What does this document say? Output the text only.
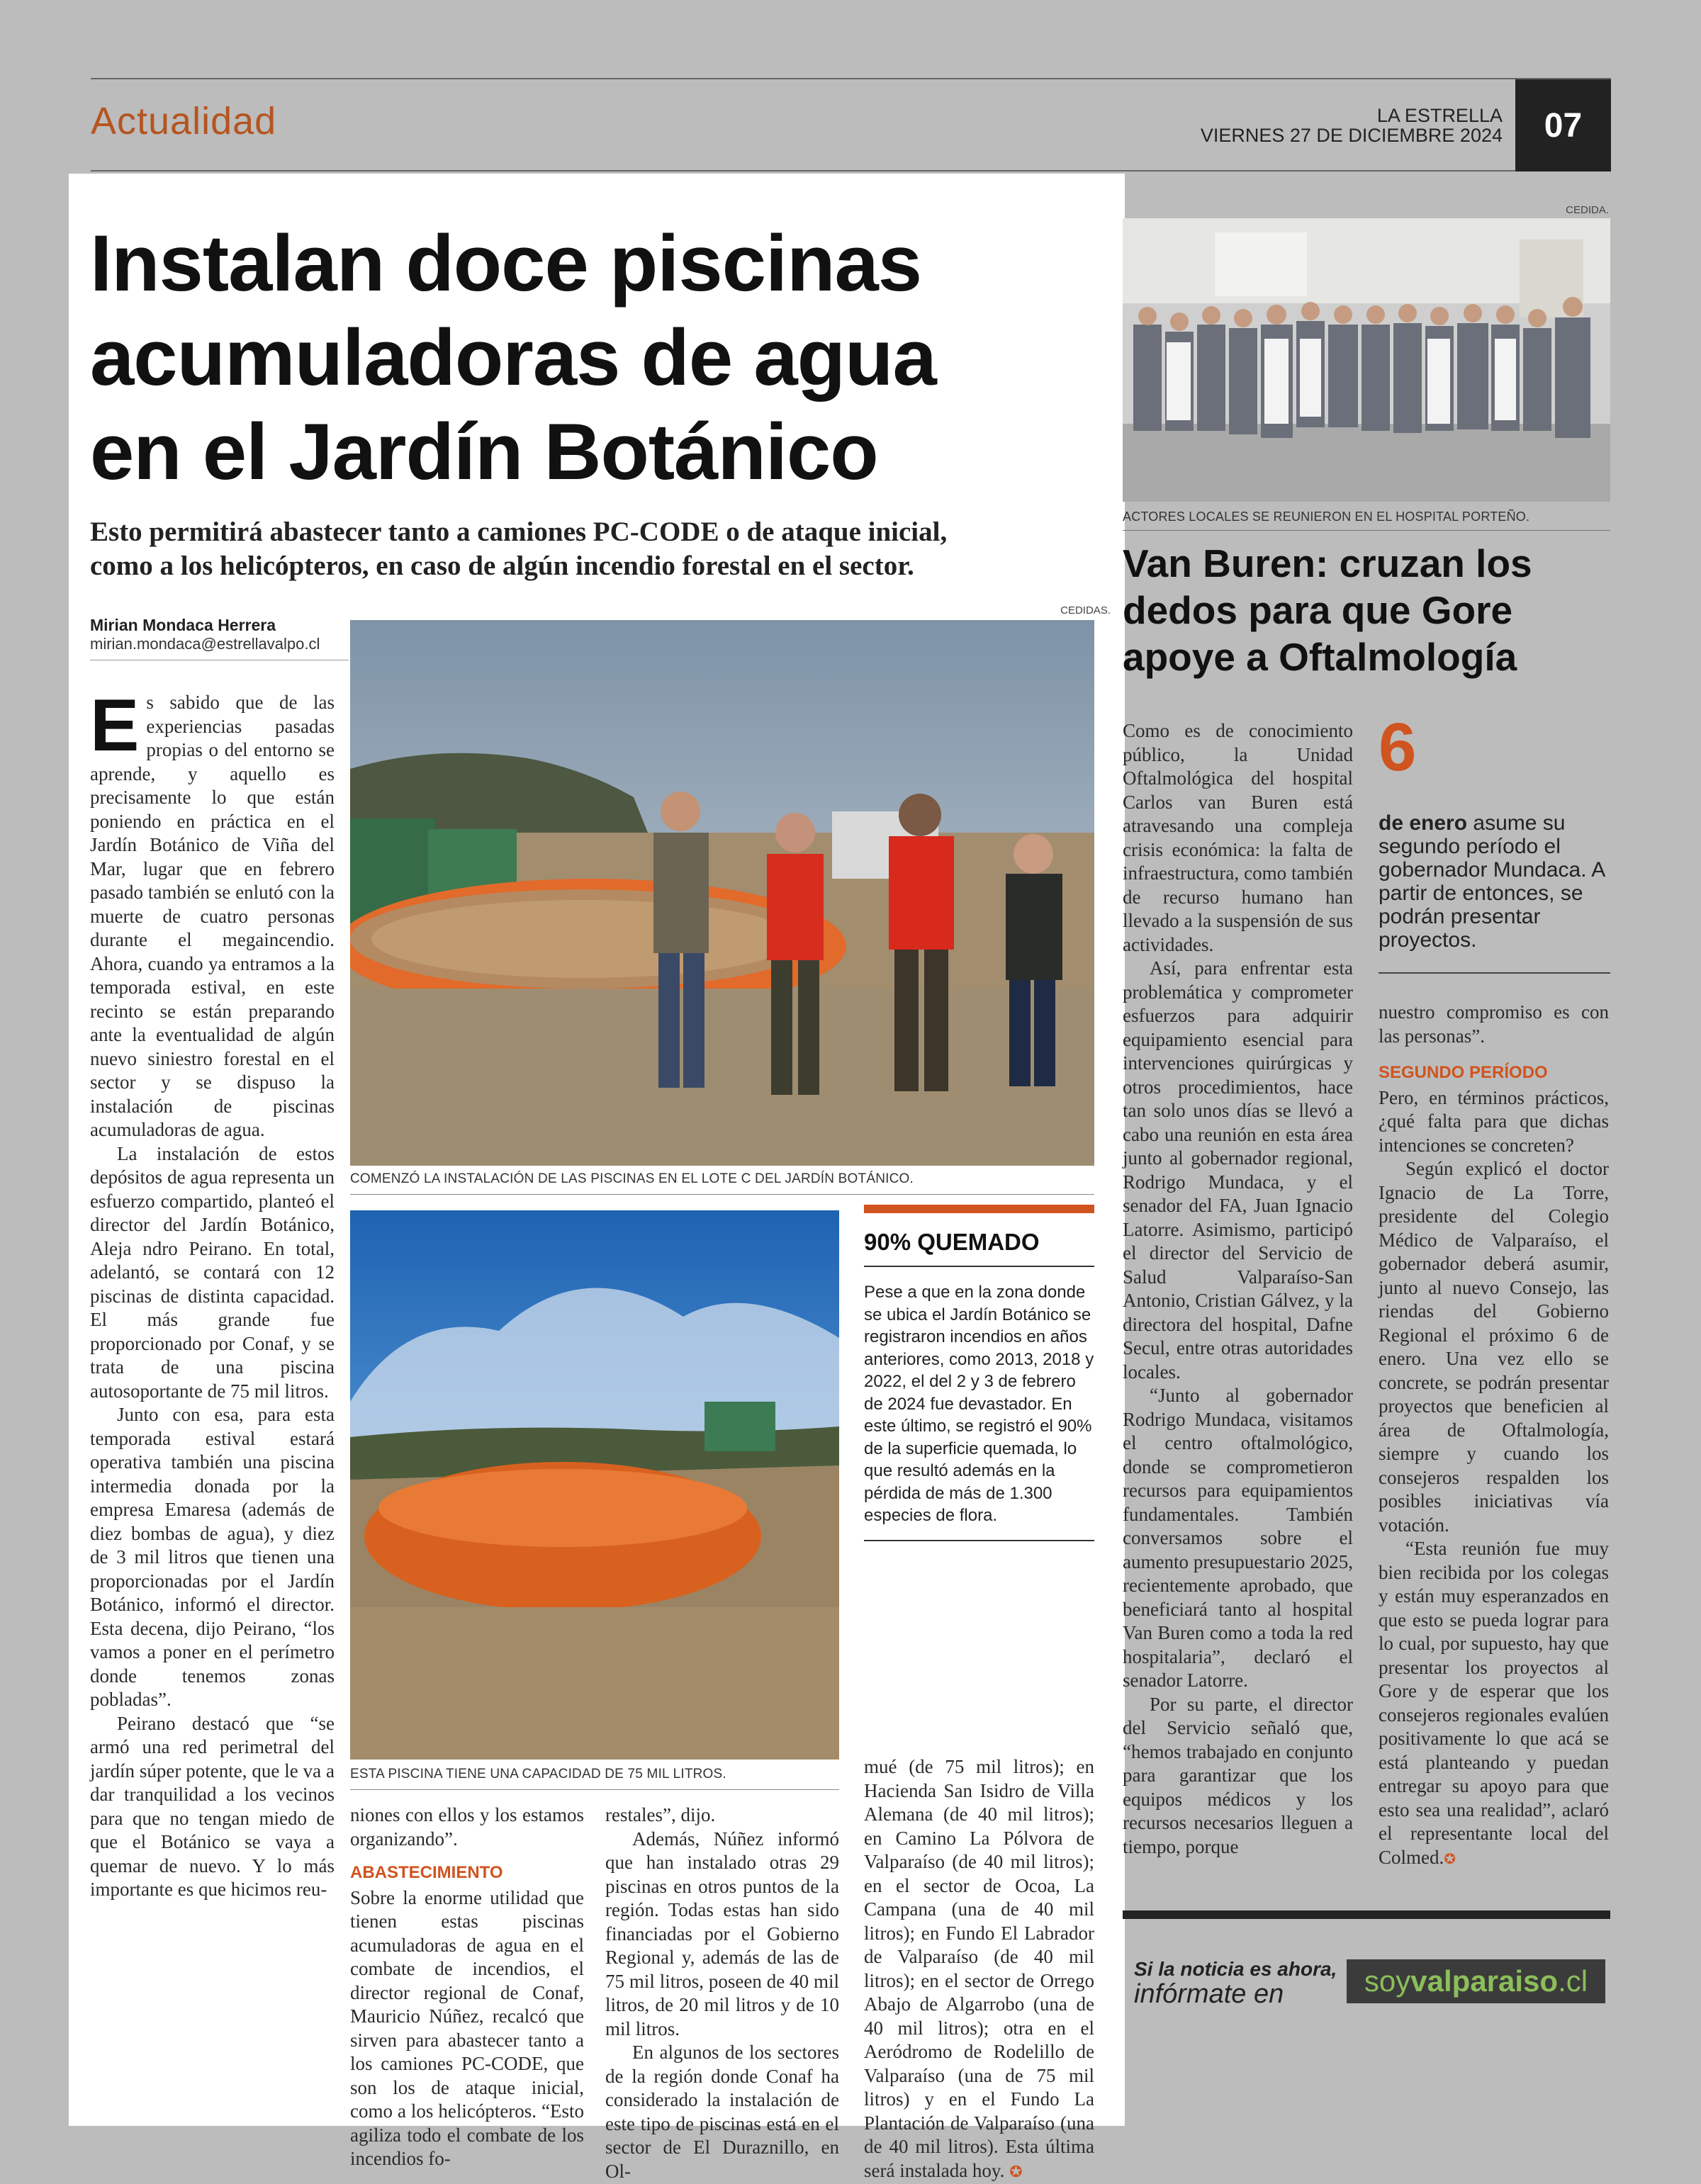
Actualidad	LA ESTRELLA
VIERNES 27 DE DICIEMBRE 2024	07
Instalan doce piscinas
acumuladoras de agua
en el Jardín Botánico
Esto permitirá abastecer tanto a camiones PC-CODE o de ataque inicial,
como a los helicópteros, en caso de algún incendio forestal en el sector.
Mirian Mondaca Herrera
mirian.mondaca@estrellavalpo.cl
CEDIDAS.
COMENZÓ LA INSTALACIÓN DE LAS PISCINAS EN EL LOTE C DEL JARDÍN BOTÁNICO.
ESTA PISCINA TIENE UNA CAPACIDAD DE 75 MIL LITROS.
90% QUEMADO
Pese a que en la zona donde se ubica el Jardín Botánico se registraron incendios en años anteriores, como 2013, 2018 y 2022, el del 2 y 3 de febrero de 2024 fue devastador. En este último, se registró el 90% de la superficie quemada, lo que resultó además en la pérdida de más de 1.300 especies de flora.

Es sabido que de las experiencias pasadas propias o del entorno se aprende, y aquello es precisamente lo que están poniendo en práctica en el Jardín Botánico de Viña del Mar, lugar que en febrero pasado también se enlutó con la muerte de cuatro personas durante el megaincendio. Ahora, cuando ya entramos a la temporada estival, en este recinto se están preparando ante la eventualidad de algún nuevo siniestro forestal en el sector y se dispuso la instalación de piscinas acumuladoras de agua.

La instalación de estos depósitos de agua representa un esfuerzo compartido, planteó el director del Jardín Botánico, Aleja ndro Peirano. En total, adelantó, se contará con 12 piscinas de distinta capacidad. El más grande fue proporcionado por Conaf, y se trata de una piscina autosoportante de 75 mil litros.

Junto con esa, para esta temporada estival estará operativa también una piscina intermedia donada por la empresa Emaresa (además de diez bombas de agua), y diez de 3 mil litros que tienen una proporcionadas por el Jardín Botánico, informó el director. Esta decena, dijo Peirano, “los vamos a poner en el perímetro donde tenemos zonas pobladas”.

Peirano destacó que “se armó una red perimetral del jardín súper potente, que le va a dar tranquilidad a los vecinos para que no tengan miedo de que el Botánico se vaya a quemar de nuevo. Y lo más importante es que hicimos reu-

niones con ellos y los estamos organizando”.

ABASTECIMIENTO

Sobre la enorme utilidad que tienen estas piscinas acumuladoras de agua en el combate de incendios, el director regional de Conaf, Mauricio Núñez, recalcó que sirven para abastecer tanto a los camiones PC-CODE, que son los de ataque inicial, como a los helicópteros. “Esto agiliza todo el combate de los incendios fo-

restales”, dijo.

Además, Núñez informó que han instalado otras 29 piscinas en otros puntos de la región. Todas estas han sido financiadas por el Gobierno Regional y, además de las de 75 mil litros, poseen de 40 mil litros, de 20 mil litros y de 10 mil litros.

En algunos de los sectores de la región donde Conaf ha considerado la instalación de este tipo de piscinas está en el sector de El Duraznillo, en Ol-

mué (de 75 mil litros); en Hacienda San Isidro de Villa Alemana (de 40 mil litros); en Camino La Pólvora de Valparaíso (de 40 mil litros); en el sector de Ocoa, La Campana (una de 40 mil litros); en Fundo El Labrador de Valparaíso (de 40 mil litros); en el sector de Orrego Abajo de Algarrobo (una de 40 mil litros); otra en el Aeródromo de Rodelillo de Valparaíso (una de 75 mil litros) y en el Fundo La Plantación de Valparaíso (una de 40 mil litros). Esta última será instalada hoy. ✪

CEDIDA.
ACTORES LOCALES SE REUNIERON EN EL HOSPITAL PORTEÑO.
Van Buren: cruzan los
dedos para que Gore
apoye a Oftalmología

Como es de conocimiento público, la Unidad Oftalmológica del hospital Carlos van Buren está atravesando una compleja crisis económica: la falta de infraestructura, como también de recurso humano han llevado a la suspensión de sus actividades.

Así, para enfrentar esta problemática y comprometer esfuerzos para adquirir equipamiento esencial para intervenciones quirúrgicas y otros procedimientos, hace tan solo unos días se llevó a cabo una reunión en esta área junto al gobernador regional, Rodrigo Mundaca, y el senador del FA, Juan Ignacio Latorre. Asimismo, participó el director del Servicio de Salud Valparaíso-San Antonio, Cristian Gálvez, y la directora del hospital, Dafne Secul, entre otras autoridades locales.

“Junto al gobernador Rodrigo Mundaca, visitamos el centro oftalmológico, donde se comprometieron recursos para equipamientos fundamentales. También conversamos sobre el aumento presupuestario 2025, recientemente aprobado, que beneficiará tanto al hospital Van Buren como a toda la red hospitalaria”, declaró el senador Latorre.

Por su parte, el director del Servicio señaló que, “hemos trabajado en conjunto para garantizar que los equipos médicos y los recursos necesarios lleguen a tiempo, porque

6
de enero asume su segundo período el gobernador Mundaca. A partir de entonces, se podrán presentar proyectos.

nuestro compromiso es con las personas”.

SEGUNDO PERÍODO

Pero, en términos prácticos, ¿qué falta para que dichas intenciones se concreten?

Según explicó el doctor Ignacio de La Torre, presidente del Colegio Médico de Valparaíso, el gobernador deberá asumir, junto al nuevo Consejo, las riendas del Gobierno Regional el próximo 6 de enero. Una vez ello se concrete, se podrán presentar proyectos que beneficien al área de Oftalmología, siempre y cuando los consejeros respalden los posibles iniciativas vía votación.

“Esta reunión fue muy bien recibida por los colegas y están muy esperanzados en que esto se pueda lograr para lo cual, por supuesto, hay que presentar los proyectos al Gore y de esperar que los consejeros regionales evalúen positivamente lo que acá se está planteando y puedan entregar su apoyo para que esto sea una realidad”, aclaró el representante local del Colmed.✪

Si la noticia es ahora,
infórmate en	soy valparaiso .cl
